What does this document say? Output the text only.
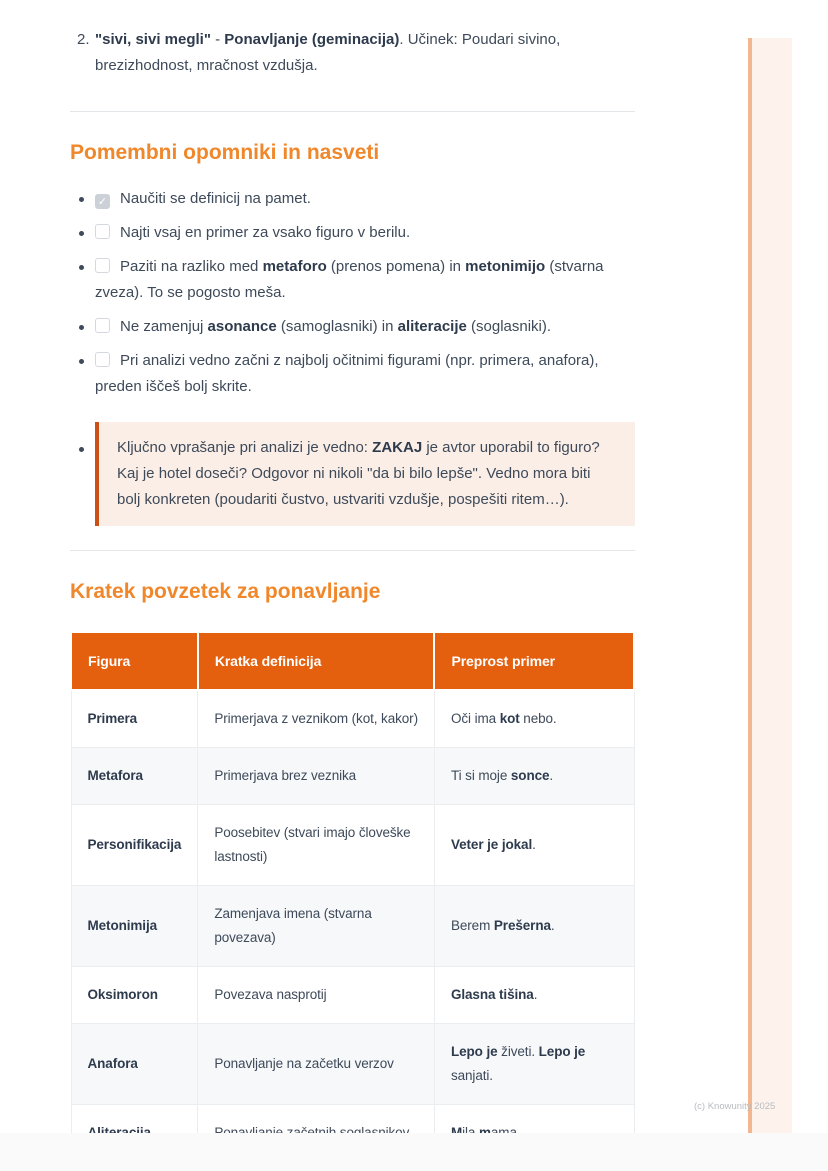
(c) Knowunity 2025
2. "sivi, sivi megli" - Ponavljanje (geminacija). Učinek: Poudari sivino, brezizhodnost, mračnost vzdušja.

Pomembni opomniki in nasveti
✓Naučiti se definicij na pamet.
Najti vsaj en primer za vsako figuro v berilu.
Paziti na razliko med metaforo (prenos pomena) in metonimijo (stvarna zveza). To se pogosto meša.
Ne zamenjuj asonance (samoglasniki) in aliteracije (soglasniki).
Pri analizi vedno začni z najbolj očitnimi figurami (npr. primera, anafora), preden iščeš bolj skrite.
Ključno vprašanje pri analizi je vedno: ZAKAJ je avtor uporabil to figuro? Kaj je hotel doseči? Odgovor ni nikoli "da bi bilo lepše". Vedno mora biti bolj konkreten (poudariti čustvo, ustvariti vzdušje, pospešiti ritem…).
Kratek povzetek za ponavljanje
Figura	Kratka definicija	Preprost primer
Primera	Primerjava z veznikom (kot, kakor)	Oči ima kot nebo.
Metafora	Primerjava brez veznika	Ti si moje sonce.
Personifikacija	Poosebitev (stvari imajo človeške lastnosti)	Veter je jokal.
Metonimija	Zamenjava imena (stvarna povezava)	Berem Prešerna.
Oksimoron	Povezava nasprotij	Glasna tišina.
Anafora	Ponavljanje na začetku verzov	Lepo je živeti. Lepo je sanjati.
